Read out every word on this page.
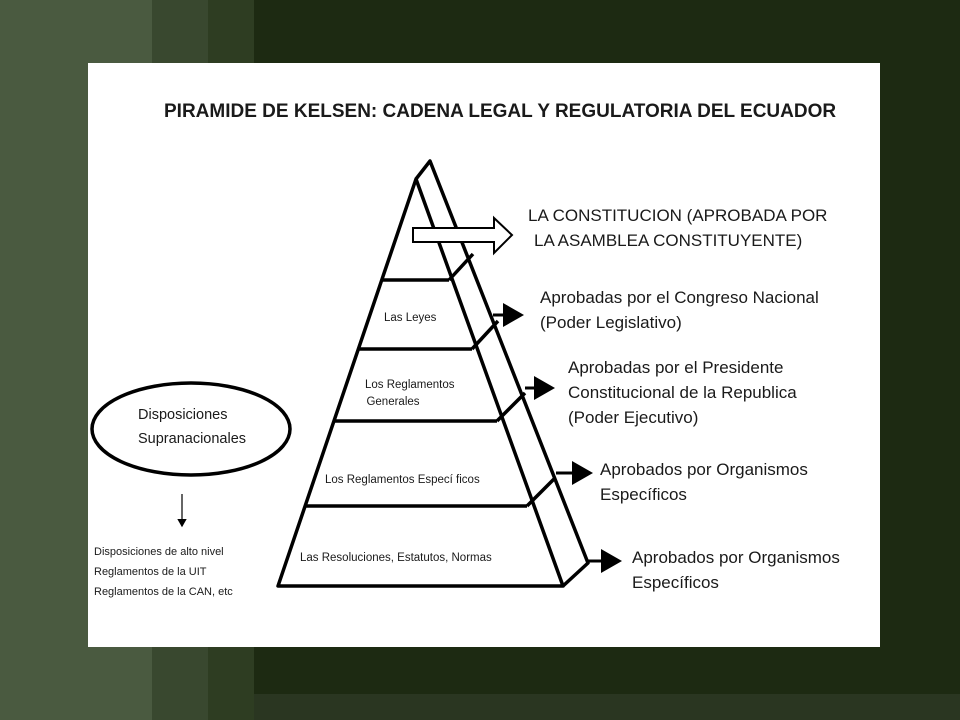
PIRAMIDE DE KELSEN: CADENA LEGAL Y REGULATORIA DEL ECUADOR
Las Leyes
Los Reglamentos
Generales
Los Reglamentos Especí ficos
Las Resoluciones, Estatutos, Normas
LA CONSTITUCION (APROBADA POR
LA ASAMBLEA CONSTITUYENTE)
Aprobadas por el Congreso Nacional
(Poder Legislativo)
Aprobadas por el Presidente
Constitucional de la Republica
(Poder Ejecutivo)
Aprobados por Organismos
Específicos
Aprobados por Organismos
Específicos
Disposiciones
Supranacionales
Disposiciones de alto nivel
Reglamentos de la UIT
Reglamentos de la CAN, etc
